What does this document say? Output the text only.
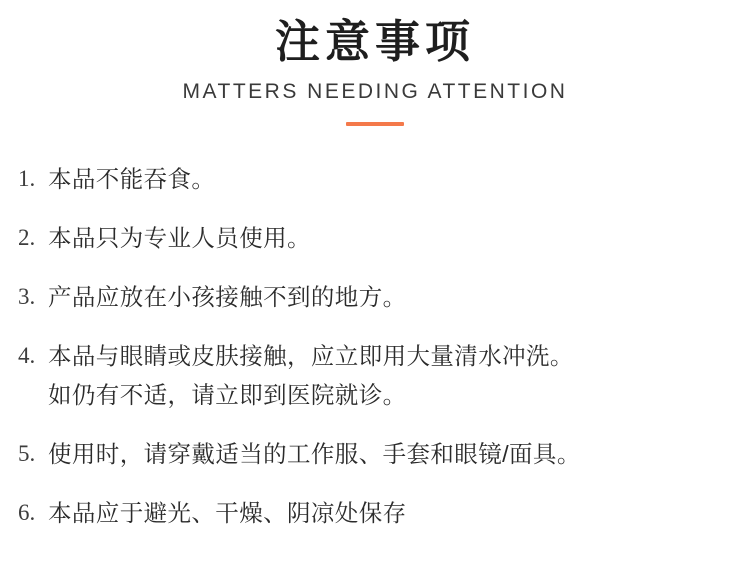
注意事项
MATTERS NEEDING ATTENTION
1. 本品不能吞食。
2. 本品只为专业人员使用。
3. 产品应放在小孩接触不到的地方。
4. 本品与眼睛或皮肤接触，应立即用大量清水冲洗。
如仍有不适，请立即到医院就诊。
5. 使用时，请穿戴适当的工作服、手套和眼镜/面具。
6. 本品应于避光、干燥、阴凉处保存
